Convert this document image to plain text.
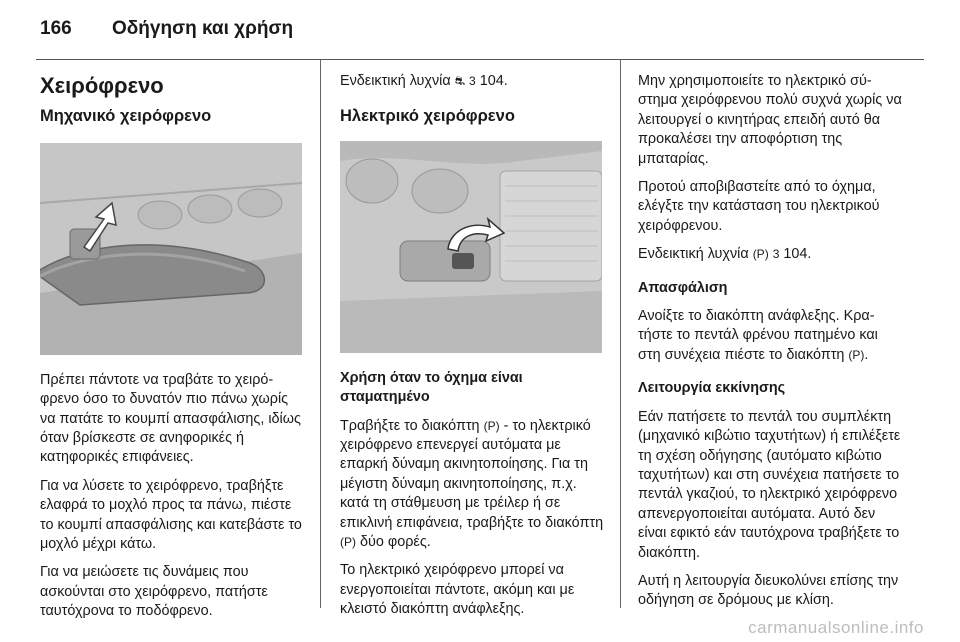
166 Οδήγηση και χρήση
Χειρόφρενο
Μηχανικό χειρόφρενο

Πρέπει πάντοτε να τραβάτε το χειρόφρενο όσο το δυνατόν πιο πάνω χωρίς να πατάτε το κουμπί απασφάλισης, ιδίως όταν βρίσκεστε σε ανηφορικές ή κατηφορικές επιφάνειες.

Για να λύσετε το χειρόφρενο, τραβήξτε ελαφρά το μοχλό προς τα πάνω, πιέστε το κουμπί απασφάλισης και κατεβάστε το μοχλό μέχρι κάτω.

Για να μειώσετε τις δυνάμεις που ασκούνται στο χειρόφρενο, πατήστε ταυτόχρονα το ποδόφρενο.

Ενδεικτική λυχνία ⛐ 3 104.

Ηλεκτρικό χειρόφρενο

Χρήση όταν το όχημα είναι σταματημένο

Τραβήξτε το διακόπτη (P) - το ηλεκτρικό χειρόφρενο επενεργεί αυτόματα με επαρκή δύναμη ακινητοποίησης. Για τη μέγιστη δύναμη ακινητοποίησης, π.χ. κατά τη στάθμευση με τρέιλερ ή σε επικλινή επιφάνεια, τραβήξτε το διακόπτη (P) δύο φορές.

Το ηλεκτρικό χειρόφρενο μπορεί να ενεργοποιείται πάντοτε, ακόμη και με κλειστό διακόπτη ανάφλεξης.

Μην χρησιμοποιείτε το ηλεκτρικό σύστημα χειρόφρενου πολύ συχνά χωρίς να λειτουργεί ο κινητήρας επειδή αυτό θα προκαλέσει την αποφόρτιση της μπαταρίας.

Προτού αποβιβαστείτε από το όχημα, ελέγξτε την κατάσταση του ηλεκτρικού χειρόφρενου.

Ενδεικτική λυχνία (P) 3 104.

Απασφάλιση

Ανοίξτε το διακόπτη ανάφλεξης. Κρατήστε το πεντάλ φρένου πατημένο και στη συνέχεια πιέστε το διακόπτη (P).

Λειτουργία εκκίνησης

Εάν πατήσετε το πεντάλ του συμπλέκτη (μηχανικό κιβώτιο ταχυτήτων) ή επιλέξετε τη σχέση οδήγησης (αυτόματο κιβώτιο ταχυτήτων) και στη συνέχεια πατήσετε το πεντάλ γκαζιού, το ηλεκτρικό χειρόφρενο απενεργοποιείται αυτόματα. Αυτό δεν είναι εφικτό εάν ταυτόχρονα τραβήξετε το διακόπτη.

Αυτή η λειτουργία διευκολύνει επίσης την οδήγηση σε δρόμους με κλίση.

carmanualsonline.info
